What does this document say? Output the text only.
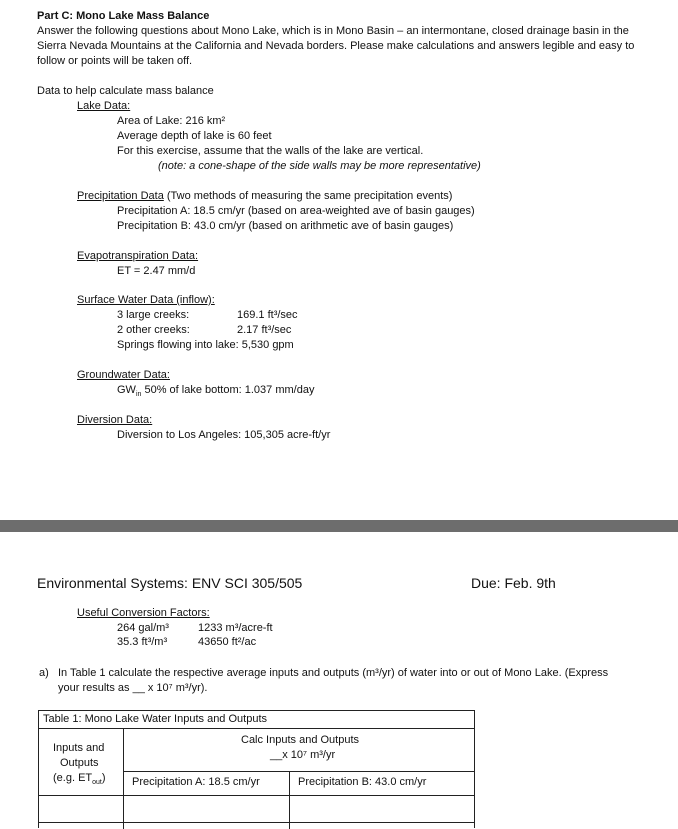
Part C: Mono Lake Mass Balance
Answer the following questions about Mono Lake, which is in Mono Basin – an intermontane, closed drainage basin in the Sierra Nevada Mountains at the California and Nevada borders. Please make calculations and answers legible and easy to follow or points will be taken off.
Data to help calculate mass balance
Lake Data:
Area of Lake: 216 km²
Average depth of lake is 60 feet
For this exercise, assume that the walls of the lake are vertical.
(note: a cone-shape of the side walls may be more representative)
Precipitation Data (Two methods of measuring the same precipitation events)
Precipitation A: 18.5 cm/yr (based on area-weighted ave of basin gauges)
Precipitation B: 43.0 cm/yr (based on arithmetic ave of basin gauges)
Evapotranspiration Data:
ET = 2.47 mm/d
Surface Water Data (inflow):
3 large creeks:	169.1 ft³/sec
2 other creeks:	2.17 ft³/sec
Springs flowing into lake: 5,530 gpm
Groundwater Data:
$GW_{in}$ 50% of lake bottom: 1.037 mm/day
Diversion Data:
Diversion to Los Angeles: 105,305 acre-ft/yr
Environmental Systems: ENV SCI 305/505	Due: Feb. 9th
Useful Conversion Factors:
264 gal/m³	1233 m³/acre-ft
35.3 ft³/m³	43650 ft²/ac
a) In Table 1 calculate the respective average inputs and outputs (m³/yr) of water into or out of Mono Lake. (Express
your results as __ x 10⁷ m³/yr).
Table 1: Mono Lake Water Inputs and Outputs
Inputs and
Outputs
(e.g. $ET_{out}$)
Calc Inputs and Outputs
__x 10⁷ m³/yr
Precipitation A: 18.5 cm/yr	Precipitation B: 43.0 cm/yr
